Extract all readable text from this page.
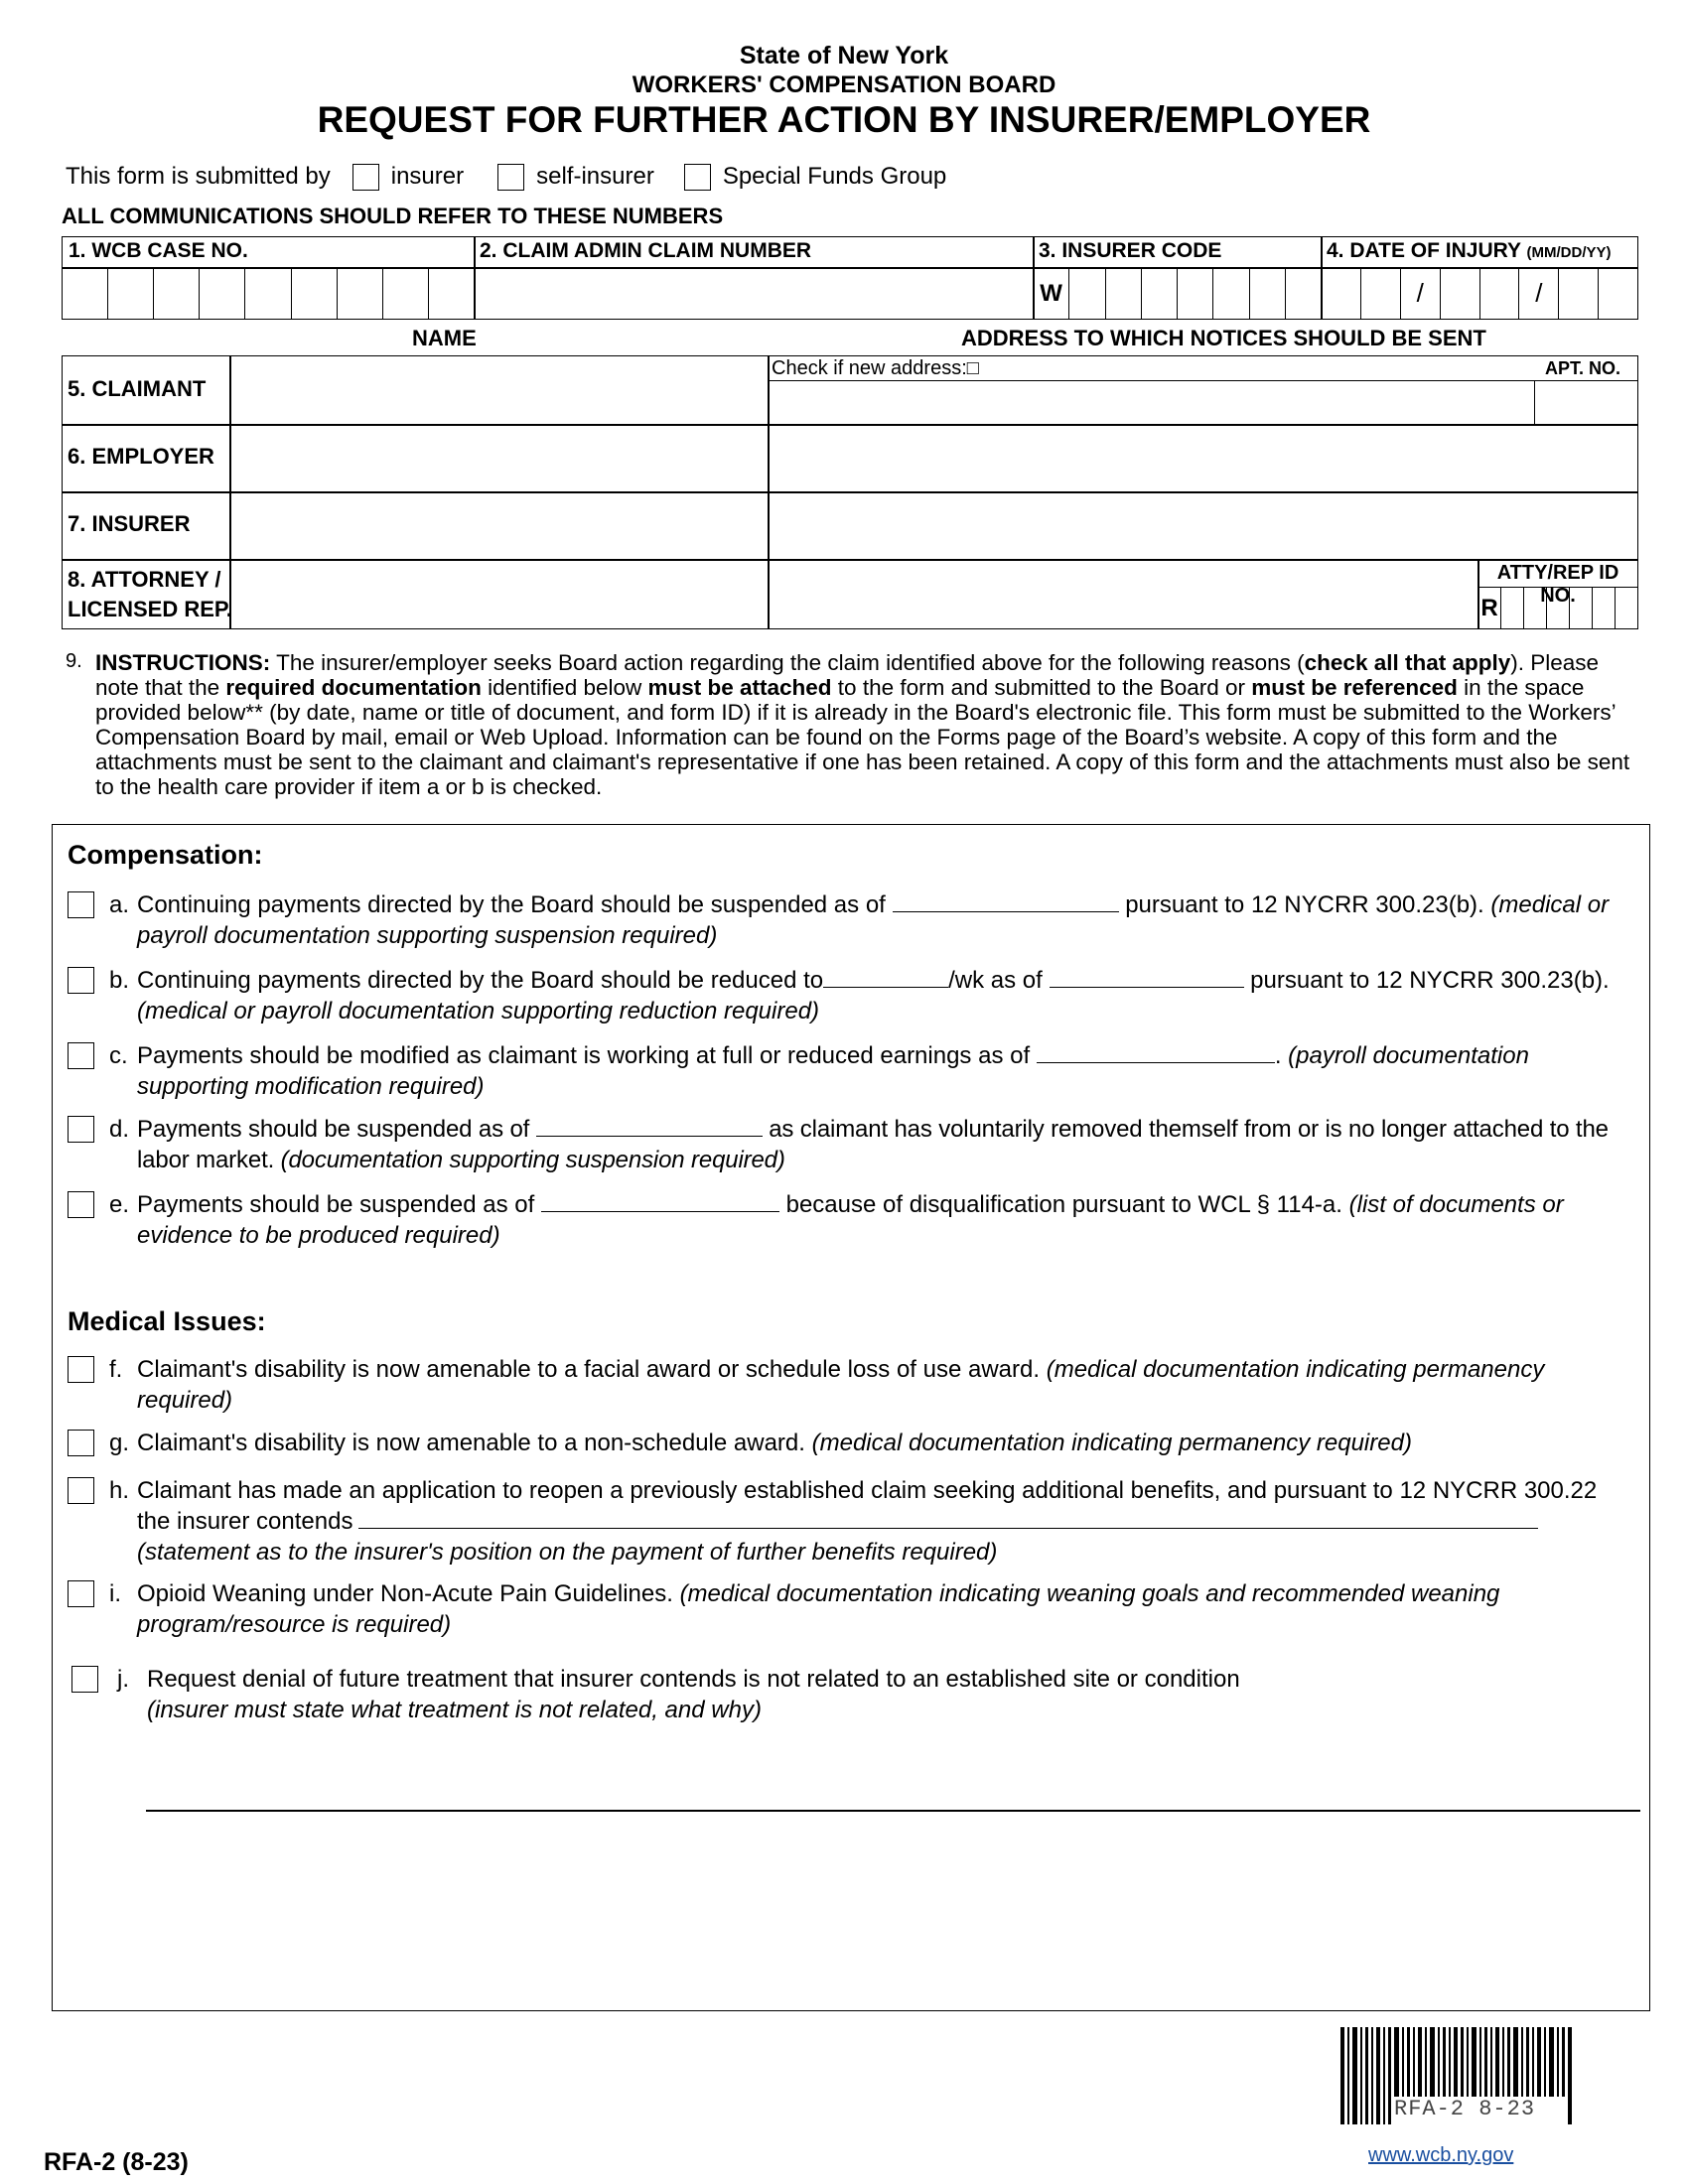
State of New York
WORKERS' COMPENSATION BOARD
REQUEST FOR FURTHER ACTION BY INSURER/EMPLOYER
This form is submitted by	insurer	self-insurer	Special Funds Group
ALL COMMUNICATIONS SHOULD REFER TO THESE NUMBERS
1. WCB CASE NO.	2. CLAIM ADMIN CLAIM NUMBER	3. INSURER CODE	4. DATE OF INJURY (MM/DD/YY)
W	/	/
NAME	ADDRESS TO WHICH NOTICES SHOULD BE SENT
Check if new address:□	APT. NO.
5. CLAIMANT
6. EMPLOYER
7. INSURER
8. ATTORNEY /
LICENSED REP.
ATTY/REP ID NO.
R
9. INSTRUCTIONS: The insurer/employer seeks Board action regarding the claim identified above for the following reasons (check all that apply). Please note that the required documentation identified below must be attached to the form and submitted to the Board or must be referenced in the space provided below** (by date, name or title of document, and form ID) if it is already in the Board's electronic file. This form must be submitted to the Workers’ Compensation Board by mail, email or Web Upload. Information can be found on the Forms page of the Board’s website. A copy of this form and the attachments must be sent to the claimant and claimant's representative if one has been retained. A copy of this form and the attachments must also be sent to the health care provider if item a or b is checked.
Compensation:
a. Continuing payments directed by the Board should be suspended as of	pursuant to 12 NYCRR 300.23(b). (medical or payroll documentation supporting suspension required)
b. Continuing payments directed by the Board should be reduced to	/wk as of	pursuant to 12 NYCRR 300.23(b). (medical or payroll documentation supporting reduction required)
c. Payments should be modified as claimant is working at full or reduced earnings as of	. (payroll documentation supporting modification required)
d. Payments should be suspended as of	as claimant has voluntarily removed themself from or is no longer attached to the labor market. (documentation supporting suspension required)
e. Payments should be suspended as of	because of disqualification pursuant to WCL § 114-a. (list of documents or evidence to be produced required)
Medical Issues:
f. Claimant's disability is now amenable to a facial award or schedule loss of use award. (medical documentation indicating permanency required)
g. Claimant's disability is now amenable to a non-schedule award. (medical documentation indicating permanency required)
h. Claimant has made an application to reopen a previously established claim seeking additional benefits, and pursuant to 12 NYCRR 300.22 the insurer contends
(statement as to the insurer's position on the payment of further benefits required)
i. Opioid Weaning under Non-Acute Pain Guidelines. (medical documentation indicating weaning goals and recommended weaning program/resource is required)
j. Request denial of future treatment that insurer contends is not related to an established site or condition
(insurer must state what treatment is not related, and why)
RFA-2 (8-23)
RFA-2 8-23
www.wcb.ny.gov
